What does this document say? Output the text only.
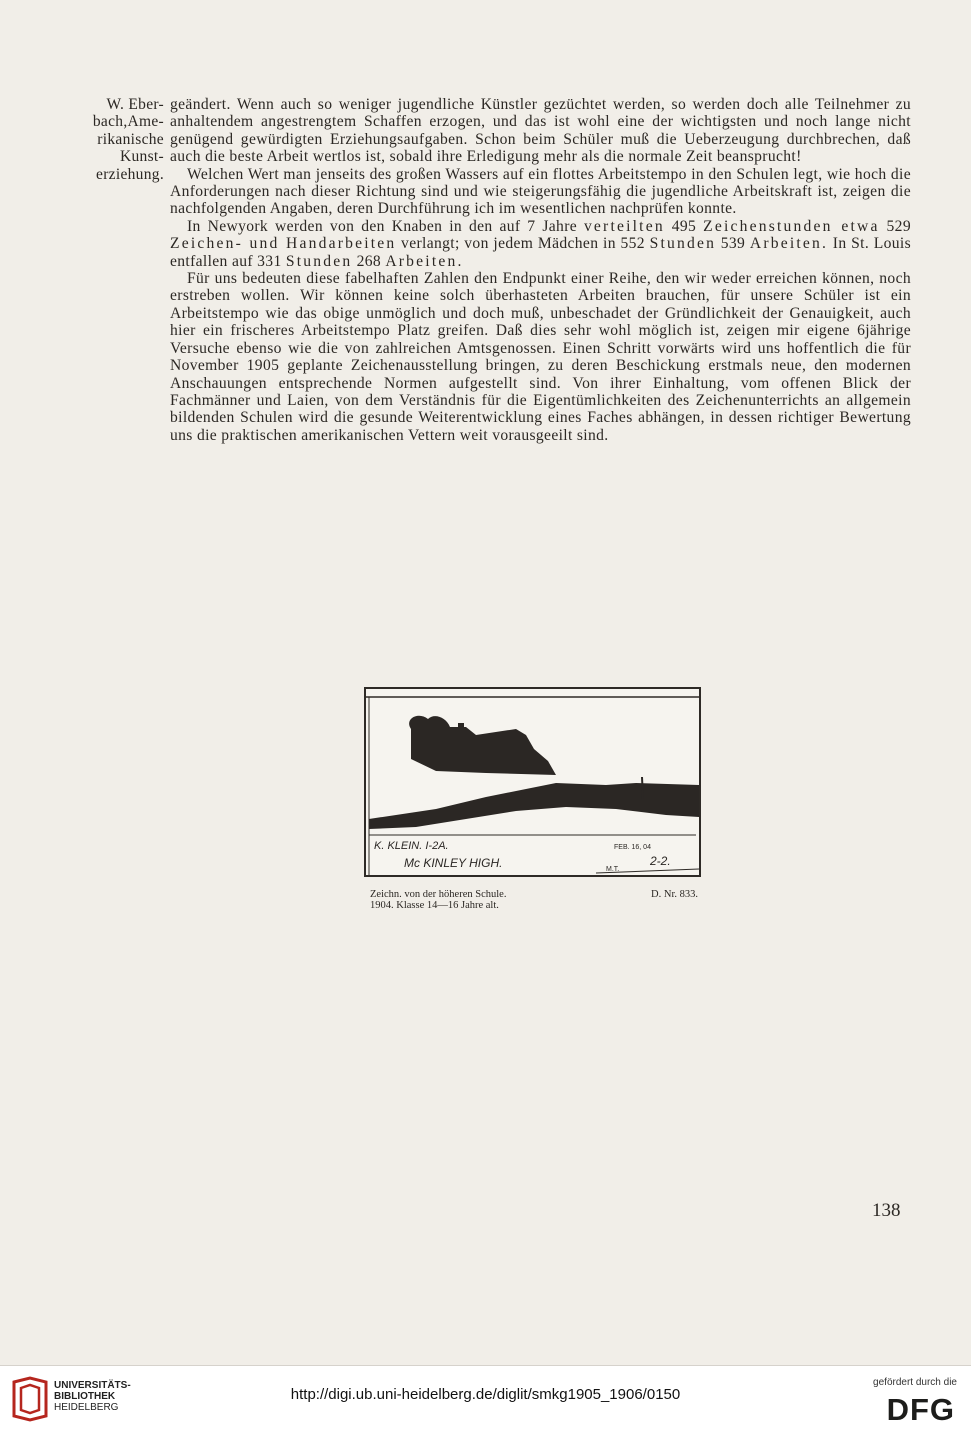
W. Eber-
bach,Ame-
rikanische
Kunst-
erziehung.

geändert. Wenn auch so weniger jugendliche Künstler gezüchtet werden, so werden doch alle Teilnehmer zu anhaltendem angestrengtem Schaffen erzogen, und das ist wohl eine der wichtigsten und noch lange nicht genügend gewürdigten Erziehungsaufgaben. Schon beim Schüler muß die Ueberzeugung durchbrechen, daß auch die beste Arbeit wertlos ist, sobald ihre Erledigung mehr als die normale Zeit beansprucht!

Welchen Wert man jenseits des großen Wassers auf ein flottes Arbeitstempo in den Schulen legt, wie hoch die Anforderungen nach dieser Richtung sind und wie steigerungsfähig die jugendliche Arbeitskraft ist, zeigen die nachfolgenden Angaben, deren Durchführung ich im wesentlichen nachprüfen konnte.

In Newyork werden von den Knaben in den auf 7 Jahre verteilten 495 Zeichenstunden etwa 529 Zeichen- und Handarbeiten verlangt; von jedem Mädchen in 552 Stunden 539 Arbeiten. In St. Louis entfallen auf 331 Stunden 268 Arbeiten.

Für uns bedeuten diese fabelhaften Zahlen den Endpunkt einer Reihe, den wir weder erreichen können, noch erstreben wollen. Wir können keine solch überhasteten Arbeiten brauchen, für unsere Schüler ist ein Arbeitstempo wie das obige unmöglich und doch muß, unbeschadet der Gründlichkeit der Genauigkeit, auch hier ein frischeres Arbeitstempo Platz greifen. Daß dies sehr wohl möglich ist, zeigen mir eigene 6jährige Versuche ebenso wie die von zahlreichen Amtsgenossen. Einen Schritt vorwärts wird uns hoffentlich die für November 1905 geplante Zeichenausstellung bringen, zu deren Beschickung erstmals neue, den modernen Anschauungen entsprechende Normen aufgestellt sind. Von ihrer Einhaltung, vom offenen Blick der Fachmänner und Laien, von dem Verständnis für die Eigentümlichkeiten des Zeichenunterrichts an allgemein bildenden Schulen wird die gesunde Weiterentwicklung eines Faches abhängen, in dessen richtiger Bewertung uns die praktischen amerikanischen Vettern weit vorausgeeilt sind.

K. KLEIN. I-2A.	FEB. 16, 04
Mc KINLEY HIGH.	M.T.
2-2.
Zeichn. von der höheren Schule.
1904. Klasse 14—16 Jahre alt.
D. Nr. 833.
138
UNIVERSITÄTS-
BIBLIOTHEK
HEIDELBERG
http://digi.ub.uni-heidelberg.de/diglit/smkg1905_1906/0150
gefördert durch die
DFG
